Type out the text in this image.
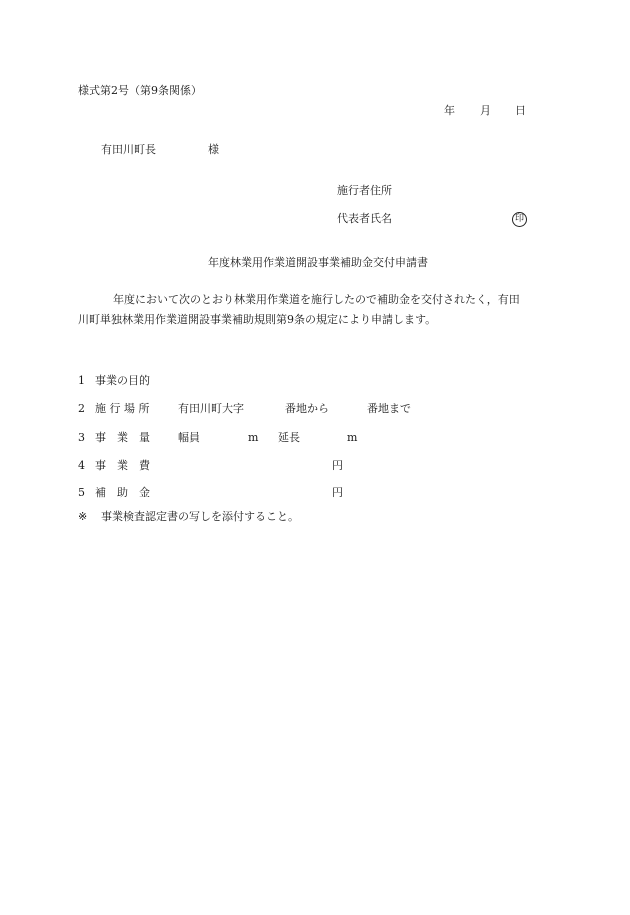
様式第2号（第9条関係）
年 月 日
有田川町長	様
施行者住所
代表者氏名	印
年度林業用作業道開設事業補助金交付申請書
年度において次のとおり林業用作業道を施行したので補助金を交付されたく，有田
川町単独林業用作業道開設事業補助規則第9条の規定により申請します。
1 事業の目的
2 施 行 場 所	有田川町大字	番地から	番地まで
3 事　業　量	幅員	m 延長	m
4 事　業　費	円
5 補　助　金	円
※ 事業検査認定書の写しを添付すること。
